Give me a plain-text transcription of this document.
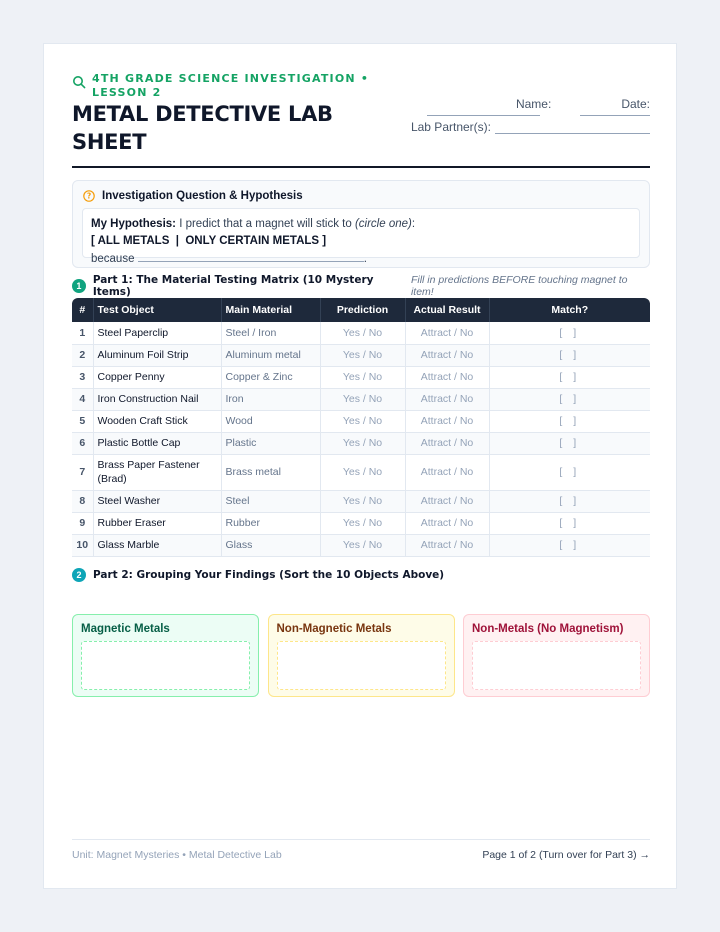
4TH GRADE SCIENCE INVESTIGATION • LESSON 2
METAL DETECTIVE LAB SHEET
Name:	Date:
Lab Partner(s):
? Investigation Question & Hypothesis
My Hypothesis: I predict that a magnet will stick to (circle one): [ ALL METALS  |  ONLY CERTAIN METALS ]
because	.
1	Part 1: The Material Testing Matrix (10 Mystery Items)
Fill in predictions BEFORE touching magnet to item!
#	Test Object	Main Material	Prediction	Actual Result	Match?
1	Steel Paperclip	Steel / Iron	Yes / No	Attract / No	[ ]
2	Aluminum Foil Strip	Aluminum metal	Yes / No	Attract / No	[ ]
3	Copper Penny	Copper & Zinc	Yes / No	Attract / No	[ ]
4	Iron Construction Nail	Iron	Yes / No	Attract / No	[ ]
5	Wooden Craft Stick	Wood	Yes / No	Attract / No	[ ]
6	Plastic Bottle Cap	Plastic	Yes / No	Attract / No	[ ]
7	Brass Paper Fastener (Brad)	Brass metal	Yes / No	Attract / No	[ ]
8	Steel Washer	Steel	Yes / No	Attract / No	[ ]
9	Rubber Eraser	Rubber	Yes / No	Attract / No	[ ]
10	Glass Marble	Glass	Yes / No	Attract / No	[ ]
2	Part 2: Grouping Your Findings (Sort the 10 Objects Above)
Magnetic Metals	Non-Magnetic Metals	Non-Metals (No Magnetism)
Unit: Magnet Mysteries • Metal Detective Lab	Page 1 of 2 (Turn over for Part 3) →
